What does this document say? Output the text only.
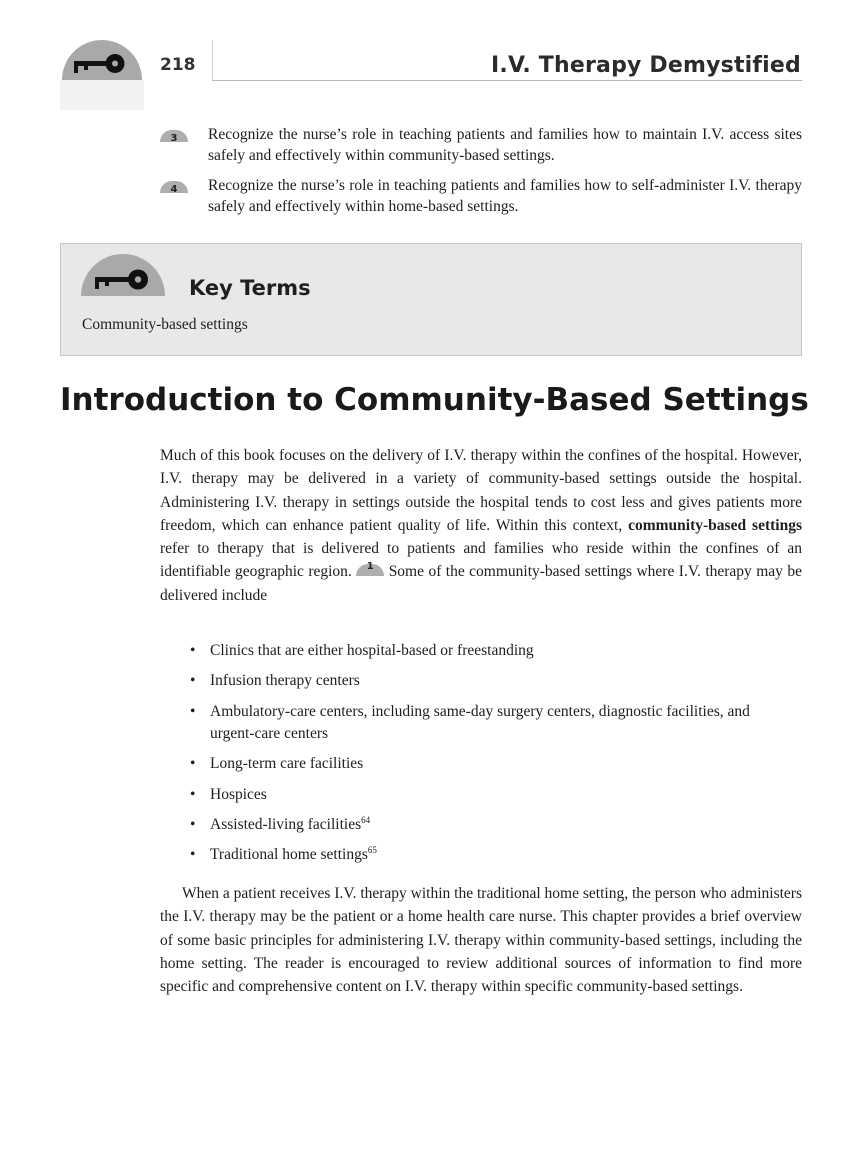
218	I.V. Therapy Demystified
3	Recognize the nurse’s role in teaching patients and families how to maintain I.V. access sites safely and effectively within community-based settings.
4	Recognize the nurse’s role in teaching patients and families how to self-administer I.V. therapy safely and effectively within home-based settings.
Key Terms
Community-based settings
Introduction to Community-Based Settings

Much of this book focuses on the delivery of I.V. therapy within the confines of the hospital. However, I.V. therapy may be delivered in a variety of community-based settings outside the hospital. Administering I.V. therapy in settings outside the hospital tends to cost less and gives patients more freedom, which can enhance patient quality of life. Within this context, community-based settings refer to therapy that is delivered to patients and families who reside within the confines of an identifiable geographic region.	1 Some of the community-based settings where I.V. therapy may be delivered include

• Clinics that are either hospital-based or freestanding
• Infusion therapy centers
• Ambulatory-care centers, including same-day surgery centers, diagnostic facilities, and urgent-care centers
• Long-term care facilities
• Hospices
• Assisted-living facilities$^{64}$
• Traditional home settings$^{65}$

When a patient receives I.V. therapy within the traditional home setting, the person who administers the I.V. therapy may be the patient or a home health care nurse. This chapter provides a brief overview of some basic principles for administering I.V. therapy within community-based settings, including the home setting. The reader is encouraged to review additional sources of information to find more specific and comprehensive content on I.V. therapy within specific community-based settings.
